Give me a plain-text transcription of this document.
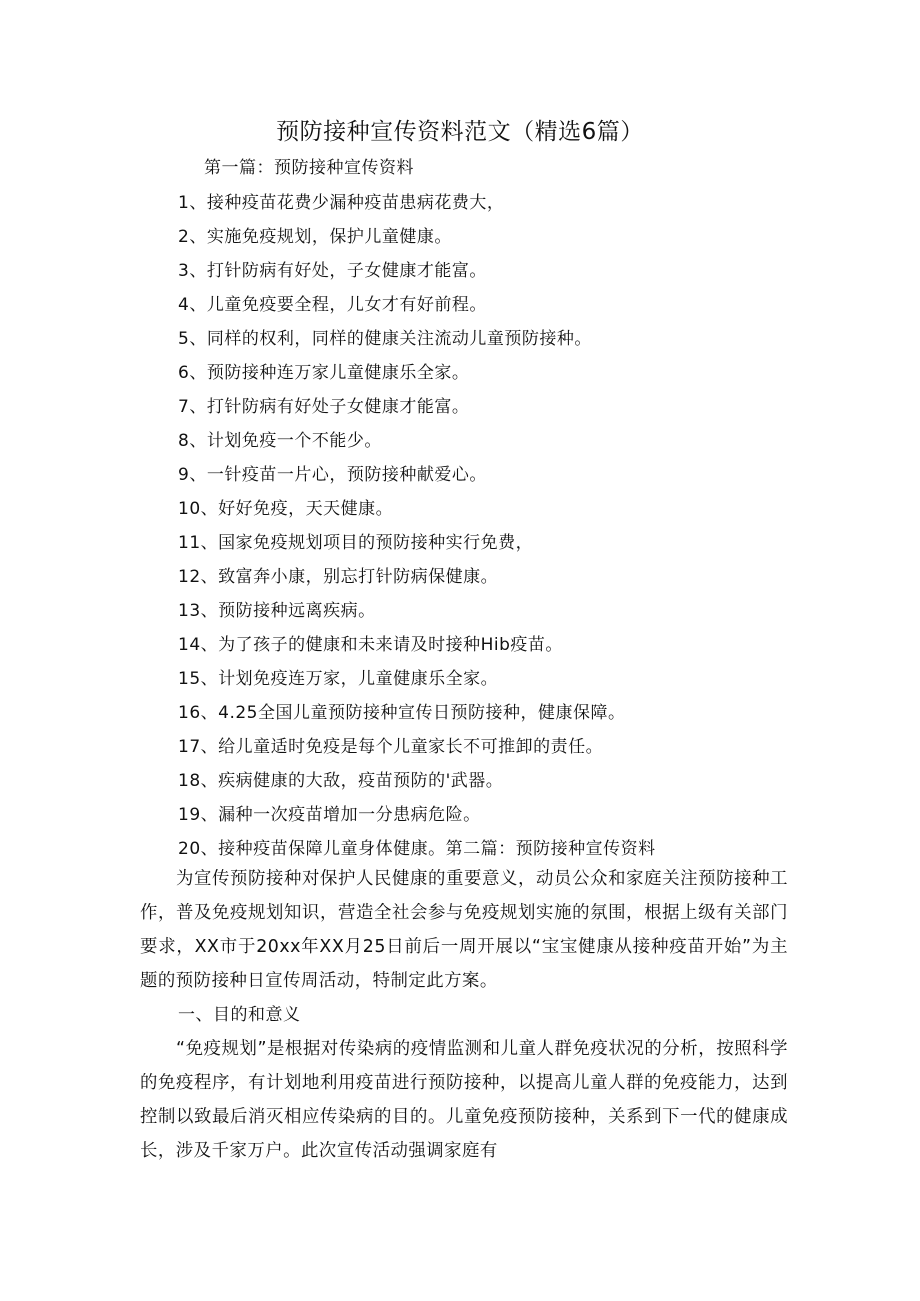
预防接种宣传资料范文（精选6篇）
第一篇：预防接种宣传资料
1、接种疫苗花费少漏种疫苗患病花费大，
2、实施免疫规划，保护儿童健康。
3、打针防病有好处，子女健康才能富。
4、儿童免疫要全程，儿女才有好前程。
5、同样的权利，同样的健康关注流动儿童预防接种。
6、预防接种连万家儿童健康乐全家。
7、打针防病有好处子女健康才能富。
8、计划免疫一个不能少。
9、一针疫苗一片心，预防接种献爱心。
10、好好免疫，天天健康。
11、国家免疫规划项目的预防接种实行免费，
12、致富奔小康，别忘打针防病保健康。
13、预防接种远离疾病。
14、为了孩子的健康和未来请及时接种Hib疫苗。
15、计划免疫连万家，儿童健康乐全家。
16、4.25全国儿童预防接种宣传日预防接种，健康保障。
17、给儿童适时免疫是每个儿童家长不可推卸的责任。
18、疾病健康的大敌，疫苗预防的'武器。
19、漏种一次疫苗增加一分患病危险。
20、接种疫苗保障儿童身体健康。第二篇：预防接种宣传资料

为宣传预防接种对保护人民健康的重要意义，动员公众和家庭关注预防接种工作，普及免疫规划知识，营造全社会参与免疫规划实施的氛围，根据上级有关部门要求，XX市于20xx年XX月25日前后一周开展以“宝宝健康从接种疫苗开始”为主题的预防接种日宣传周活动，特制定此方案。

一、目的和意义

“免疫规划”是根据对传染病的疫情监测和儿童人群免疫状况的分析，按照科学的免疫程序，有计划地利用疫苗进行预防接种，以提高儿童人群的免疫能力，达到控制以致最后消灭相应传染病的目的。儿童免疫预防接种，关系到下一代的健康成长，涉及千家万户。此次宣传活动强调家庭有
